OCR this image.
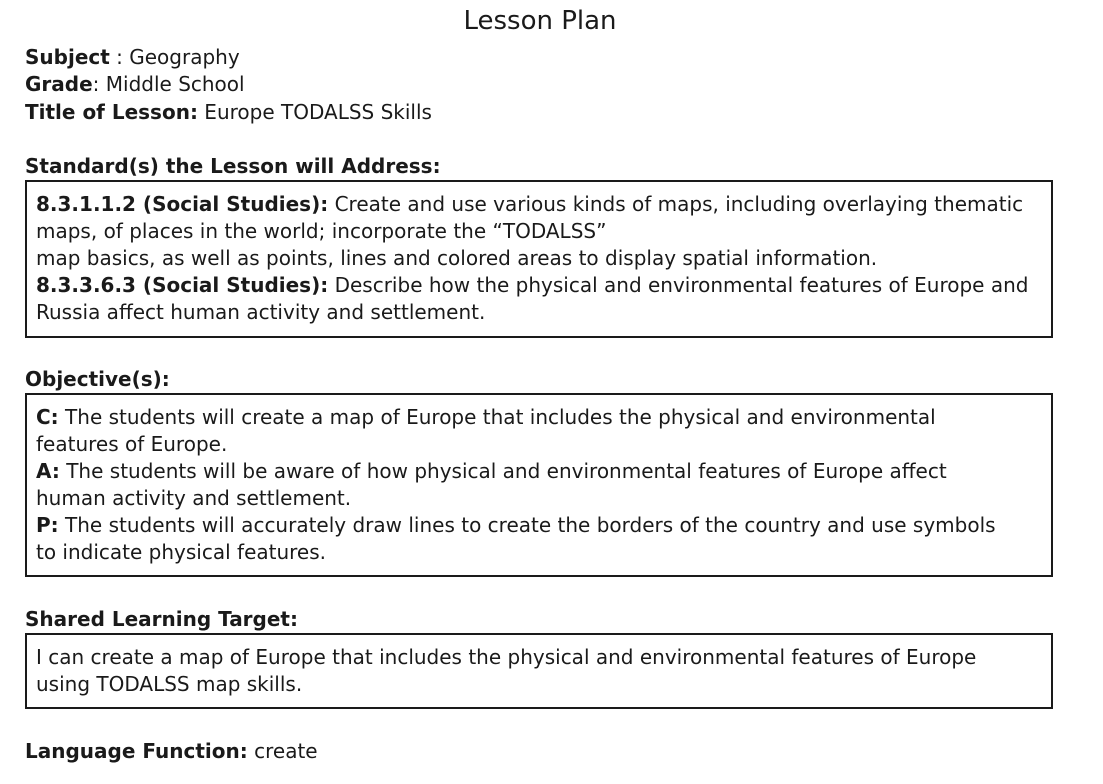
Lesson Plan
Subject : Geography
Grade: Middle School
Title of Lesson: Europe TODALSS Skills
Standard(s) the Lesson will Address:
8.3.1.1.2 (Social Studies): Create and use various kinds of maps, including overlaying thematic
maps, of places in the world; incorporate the “TODALSS”
map basics, as well as points, lines and colored areas to display spatial information.
8.3.3.6.3 (Social Studies): Describe how the physical and environmental features of Europe and
Russia affect human activity and settlement.
Objective(s):
C: The students will create a map of Europe that includes the physical and environmental
features of Europe.
A: The students will be aware of how physical and environmental features of Europe affect
human activity and settlement.
P: The students will accurately draw lines to create the borders of the country and use symbols
to indicate physical features.
Shared Learning Target:
I can create a map of Europe that includes the physical and environmental features of Europe
using TODALSS map skills.
Language Function: create
